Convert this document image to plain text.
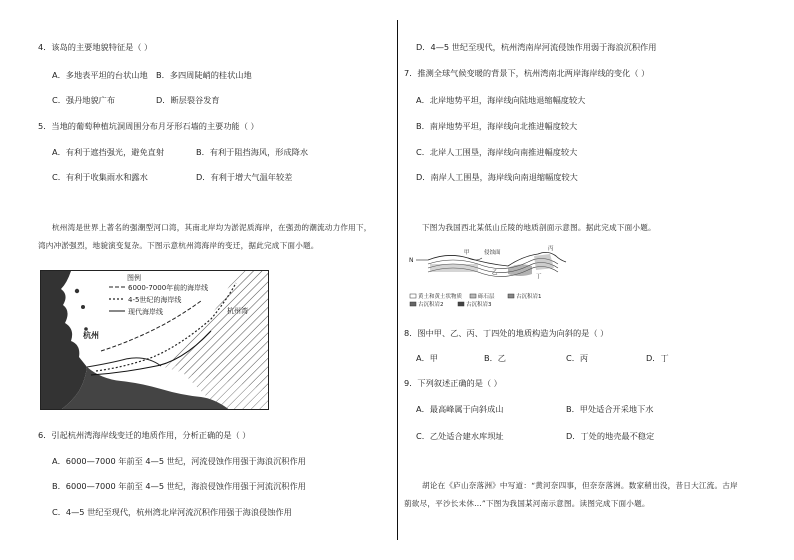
4．该岛的主要地貌特征是（ ）
A．多地表平坦的台状山地 B．多四周陡峭的桂状山地
C．强丹地貌广布	D．断层裂谷发育
5．当地的葡萄种植坑洞周围分布月牙形石墙的主要功能（ ）
A．有利于遮挡强光，避免直射	B．有利于阻挡海风，形成降水
C．有利于收集雨水和露水	D．有利于增大气温年较差
杭州湾是世界上著名的强潮型河口湾，其南北岸均为淤泥质海岸，在强劲的潮流动力作用下，
湾内冲淤强烈，地貌演变复杂。下图示意杭州湾海岸的变迁，据此完成下面小题。
图例
6000-7000年前的海岸线
4-5世纪的海岸线
现代海岸线
杭州
杭州湾
6．引起杭州湾海岸线变迁的地质作用，分析正确的是（ ）
A．6000—7000 年前至 4—5 世纪，河流侵蚀作用强于海浪沉积作用
B．6000—7000 年前至 4—5 世纪，海浪侵蚀作用强于河流沉积作用
C．4—5 世纪至现代，杭州湾北岸河流沉积作用强于海浪侵蚀作用
D．4—5 世纪至现代，杭州湾南岸河流侵蚀作用弱于海浪沉积作用
7．推测全球气候变暖的背景下，杭州湾南北两岸海岸线的变化（ ）
A．北岸地势平坦，海岸线向陆地退缩幅度较大
B．南岸地势平坦，海岸线向北推进幅度较大
C．北岸人工围垦，海岸线向南推进幅度较大
D．南岸人工围垦，海岸线向南退缩幅度较大
下图为我国西北某低山丘陵的地质剖面示意图。据此完成下面小题。
8．图中甲、乙、丙、丁四处的地质构造为向斜的是（ ）
A．甲	B．乙	C．丙	D．丁
9．下列叙述正确的是（ ）
A．最高峰属于向斜成山	B．甲处适合开采地下水
C．乙处适合建水库坝址	D．丁处的地壳最不稳定
胡论在《庐山奈落洲》中写道：“黄河奈四事，但奈奈落洲。数家稍出没，昔日大江流。古岸
莂欲尽，平沙长未休…”下图为我国某河南示意图。读图完成下面小题。
N
甲
乙
丙
丁
侵蚀面
黄土和黄土状物质	砾石层	古沉积岩1
古沉积岩2	古沉积岩3
